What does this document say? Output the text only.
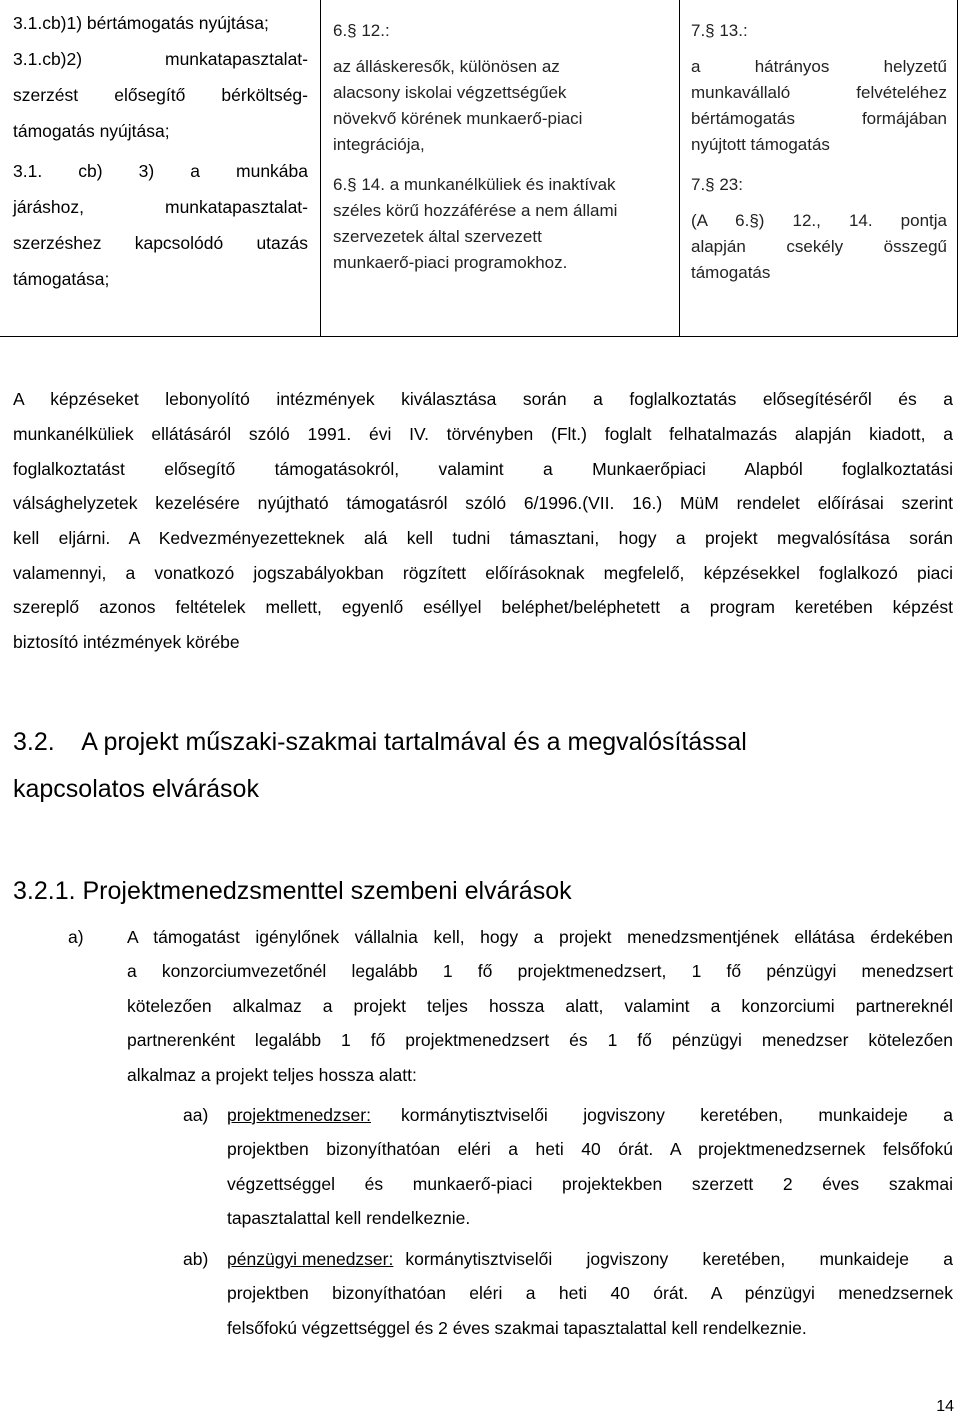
3.1.cb)1) bértámogatás nyújtása;
3.1.cb)2) munkatapasztalat-
szerzést elősegítő bérköltség-
támogatás nyújtása;
3.1. cb) 3) a munkába
járáshoz, munkatapasztalat-
szerzéshez kapcsolódó utazás
támogatása;
6.§ 12.:
az álláskeresők, különösen az
alacsony iskolai végzettségűek
növekvő körének munkaerő-piaci
integrációja,
6.§ 14. a munkanélküliek és inaktívak
széles körű hozzáférése a nem állami
szervezetek által szervezett
munkaerő-piaci programokhoz.
7.§ 13.:
a hátrányos helyzetű
munkavállaló felvételéhez
bértámogatás formájában
nyújtott támogatás
7.§ 23:
(A 6.§) 12., 14. pontja
alapján csekély összegű
támogatás
A képzéseket lebonyolító intézmények kiválasztása során a foglalkoztatás elősegítéséről és a
munkanélküliek ellátásáról szóló 1991. évi IV. törvényben (Flt.) foglalt felhatalmazás alapján kiadott, a
foglalkoztatást elősegítő támogatásokról, valamint a Munkaerőpiaci Alapból foglalkoztatási
válsághelyzetek kezelésére nyújtható támogatásról szóló 6/1996.(VII. 16.) MüM rendelet előírásai szerint
kell eljárni. A Kedvezményezetteknek alá kell tudni támasztani, hogy a projekt megvalósítása során
valamennyi, a vonatkozó jogszabályokban rögzített előírásoknak megfelelő, képzésekkel foglalkozó piaci
szereplő azonos feltételek mellett, egyenlő eséllyel beléphet/beléphetett a program keretében képzést
biztosító intézmények körébe
3.2. A projekt műszaki-szakmai tartalmával és a megvalósítással
kapcsolatos elvárások
3.2.1. Projektmenedzsmenttel szembeni elvárások
a) A támogatást igénylőnek vállalnia kell, hogy a projekt menedzsmentjének ellátása érdekében
a konzorciumvezetőnél legalább 1 fő projektmenedzsert, 1 fő pénzügyi menedzsert
kötelezően alkalmaz a projekt teljes hossza alatt, valamint a konzorciumi partnereknél
partnerenként legalább 1 fő projektmenedzsert és 1 fő pénzügyi menedzser kötelezően
alkalmaz a projekt teljes hossza alatt:
aa) projektmenedzser: kormánytisztviselői jogviszony keretében, munkaideje a
projektben bizonyíthatóan eléri a heti 40 órát. A projektmenedzsernek felsőfokú
végzettséggel és munkaerő-piaci projektekben szerzett 2 éves szakmai
tapasztalattal kell rendelkeznie.
ab) pénzügyi menedzser: kormánytisztviselői jogviszony keretében, munkaideje a
projektben bizonyíthatóan eléri a heti 40 órát. A pénzügyi menedzsernek
felsőfokú végzettséggel és 2 éves szakmai tapasztalattal kell rendelkeznie.
14
